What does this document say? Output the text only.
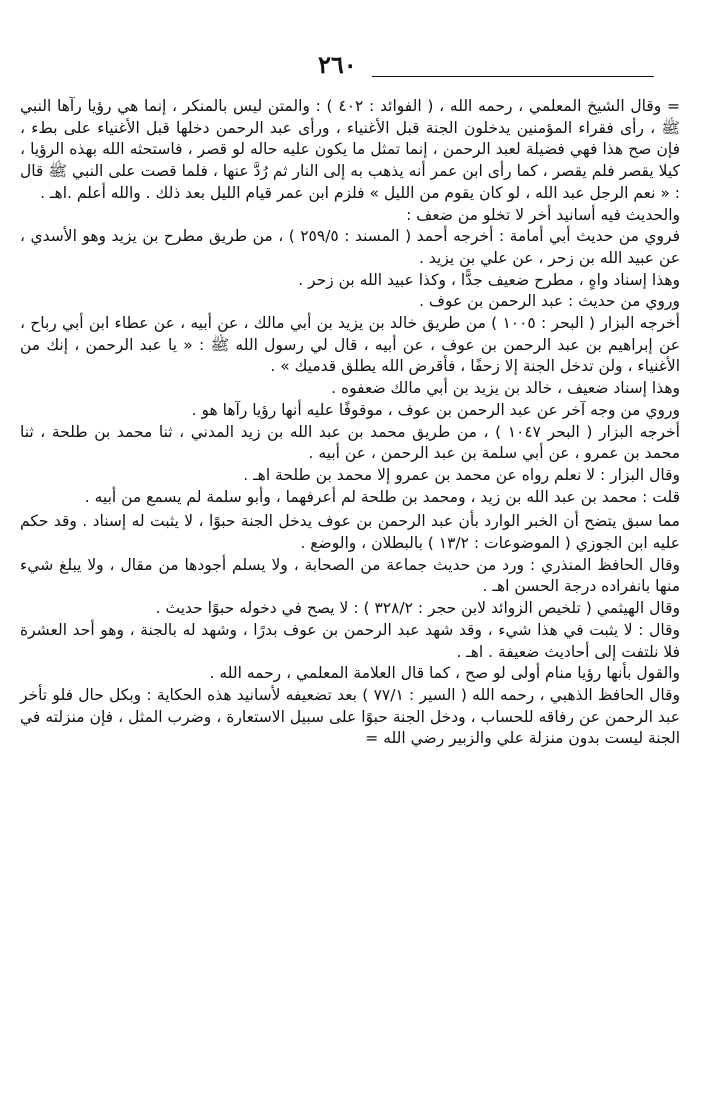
٢٦٠

= وقال الشيخ المعلمي ، رحمه الله ، ( الفوائد : ٤٠٢ ) : والمتن ليس بالمنكر ، إنما هي رؤيا رآها النبي ﷺ ، رأى فقراء المؤمنين يدخلون الجنة قبل الأغنياء ، ورأى عبد الرحمن دخلها قبل الأغنياء على بطء ، فإن صح هذا فهي فضيلة لعبد الرحمن ، إنما تمثل ما يكون عليه حاله لو قصر ، فاستحثه الله بهذه الرؤيا ، كيلا يقصر فلم يقصر ، كما رأى ابن عمر أنه يذهب به إلى النار ثم رُدَّ عنها ، فلما قصت على النبي ﷺ قال : « نعم الرجل عبد الله ، لو كان يقوم من الليل » فلزم ابن عمر قيام الليل بعد ذلك . والله أعلم .اهـ .

والحديث فيه أسانيد أخر لا تخلو من ضعف :

فروي من حديث أبي أمامة : أخرجه أحمد ( المسند : ٢٥٩/٥ ) ، من طريق مطرح بن يزيد وهو الأسدي ، عن عبيد الله بن زحر ، عن علي بن يزيد .

وهذا إسناد واهٍ ، مطرح ضعيف جدًّا ، وكذا عبيد الله بن زحر .

وروي من حديث : عبد الرحمن بن عوف .

أخرجه البزار ( البحر : ١٠٠٥ ) من طريق خالد بن يزيد بن أبي مالك ، عن أبيه ، عن عطاء ابن أبي رباح ، عن إبراهيم بن عبد الرحمن بن عوف ، عن أبيه ، قال لي رسول الله ﷺ : « يا عبد الرحمن ، إنك من الأغنياء ، ولن تدخل الجنة إلا زحفًا ، فأقرض الله يطلق قدميك » .

وهذا إسناد ضعيف ، خالد بن يزيد بن أبي مالك ضعفوه .

وروي من وجه آخر عن عبد الرحمن بن عوف ، موقوفًا عليه أنها رؤيا رآها هو .

أخرجه البزار ( البحر ١٠٤٧ ) ، من طريق محمد بن عبد الله بن زيد المدني ، ثنا محمد بن طلحة ، ثنا محمد بن عمرو ، عن أبي سلمة بن عبد الرحمن ، عن أبيه .

وقال البزار : لا نعلم رواه عن محمد بن عمرو إلا محمد بن طلحة اهـ .

قلت : محمد بن عبد الله بن زيد ، ومحمد بن طلحة لم أعرفهما ، وأبو سلمة لم يسمع من أبيه .

مما سبق يتضح أن الخبر الوارد بأن عبد الرحمن بن عوف يدخل الجنة حبوًا ، لا يثبت له إسناد . وقد حكم عليه ابن الجوزي ( الموضوعات : ١٣/٢ ) بالبطلان ، والوضع .

وقال الحافظ المنذري : ورد من حديث جماعة من الصحابة ، ولا يسلم أجودها من مقال ، ولا يبلغ شيء منها بانفراده درجة الحسن اهـ .

وقال الهيثمي ( تلخيص الزوائد لابن حجر : ٣٢٨/٢ ) : لا يصح في دخوله حبوًا حديث .

وقال : لا يثبت في هذا شيء ، وقد شهد عبد الرحمن بن عوف بدرًا ، وشهد له بالجنة ، وهو أحد العشرة فلا نلتفت إلى أحاديث ضعيفة . اهـ .

والقول بأنها رؤيا منام أولى لو صح ، كما قال العلامة المعلمي ، رحمه الله .

وقال الحافظ الذهبي ، رحمه الله ( السير : ٧٧/١ ) بعد تضعيفه لأسانيد هذه الحكاية : وبكل حال فلو تأخر عبد الرحمن عن رفاقه للحساب ، ودخل الجنة حبوًا على سبيل الاستعارة ، وضرب المثل ، فإن منزلته في الجنة ليست بدون منزلة علي والزبير رضي الله =
